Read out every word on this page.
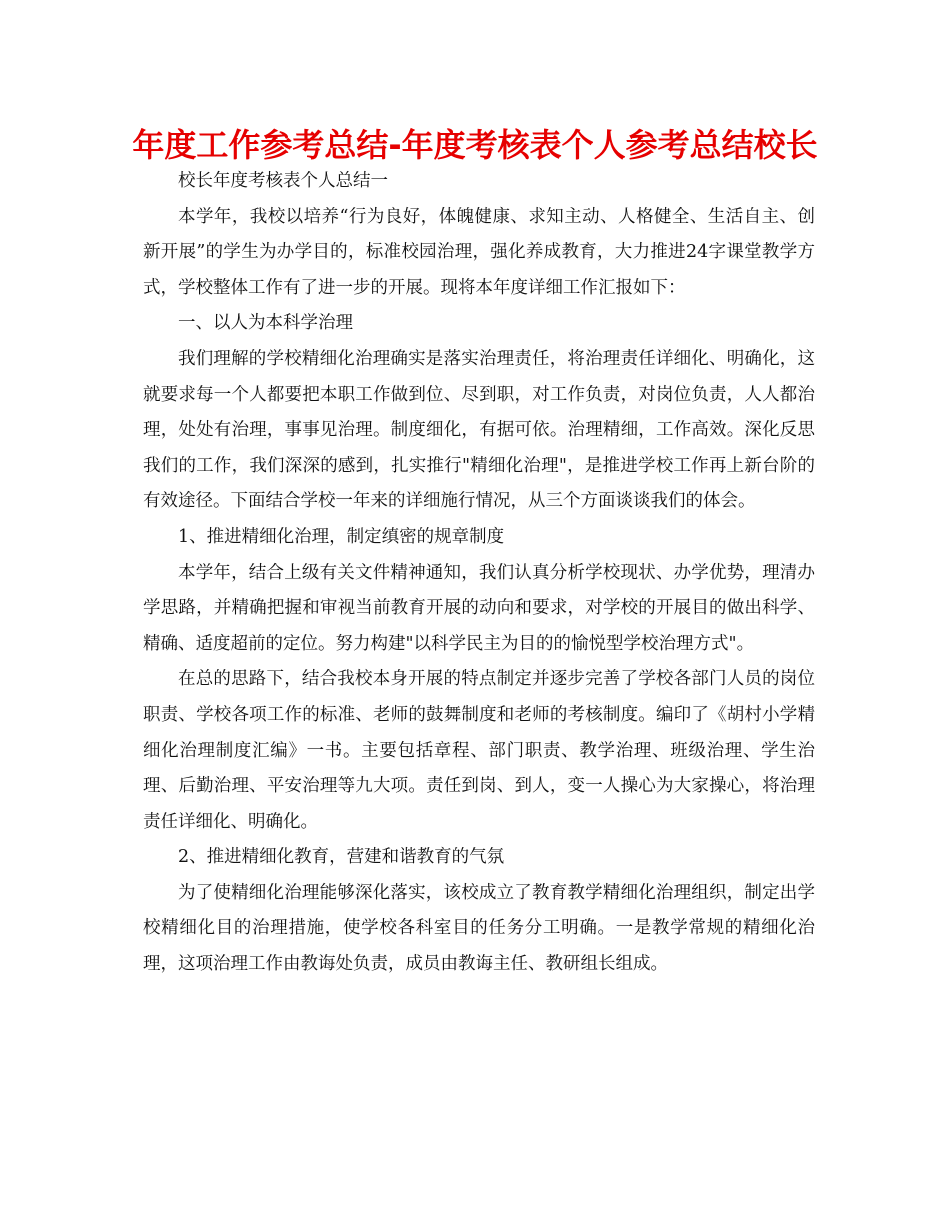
年度工作参考总结-年度考核表个人参考总结校长

校长年度考核表个人总结一

本学年，我校以培养“行为良好，体魄健康、求知主动、人格健全、生活自主、创新开展”的学生为办学目的，标准校园治理，强化养成教育，大力推进24字课堂教学方式，学校整体工作有了进一步的开展。现将本年度详细工作汇报如下：

一、以人为本科学治理

我们理解的学校精细化治理确实是落实治理责任，将治理责任详细化、明确化，这就要求每一个人都要把本职工作做到位、尽到职，对工作负责，对岗位负责，人人都治理，处处有治理，事事见治理。制度细化，有据可依。治理精细，工作高效。深化反思我们的工作，我们深深的感到，扎实推行"精细化治理"，是推进学校工作再上新台阶的有效途径。下面结合学校一年来的详细施行情况，从三个方面谈谈我们的体会。

1、推进精细化治理，制定缜密的规章制度

本学年，结合上级有关文件精神通知，我们认真分析学校现状、办学优势，理清办学思路，并精确把握和审视当前教育开展的动向和要求，对学校的开展目的做出科学、精确、适度超前的定位。努力构建"以科学民主为目的的愉悦型学校治理方式"。

在总的思路下，结合我校本身开展的特点制定并逐步完善了学校各部门人员的岗位职责、学校各项工作的标准、老师的鼓舞制度和老师的考核制度。编印了《胡村小学精细化治理制度汇编》一书。主要包括章程、部门职责、教学治理、班级治理、学生治理、后勤治理、平安治理等九大项。责任到岗、到人，变一人操心为大家操心，将治理责任详细化、明确化。

2、推进精细化教育，营建和谐教育的气氛

为了使精细化治理能够深化落实，该校成立了教育教学精细化治理组织，制定出学校精细化目的治理措施，使学校各科室目的任务分工明确。一是教学常规的精细化治理，这项治理工作由教诲处负责，成员由教诲主任、教研组长组成。
